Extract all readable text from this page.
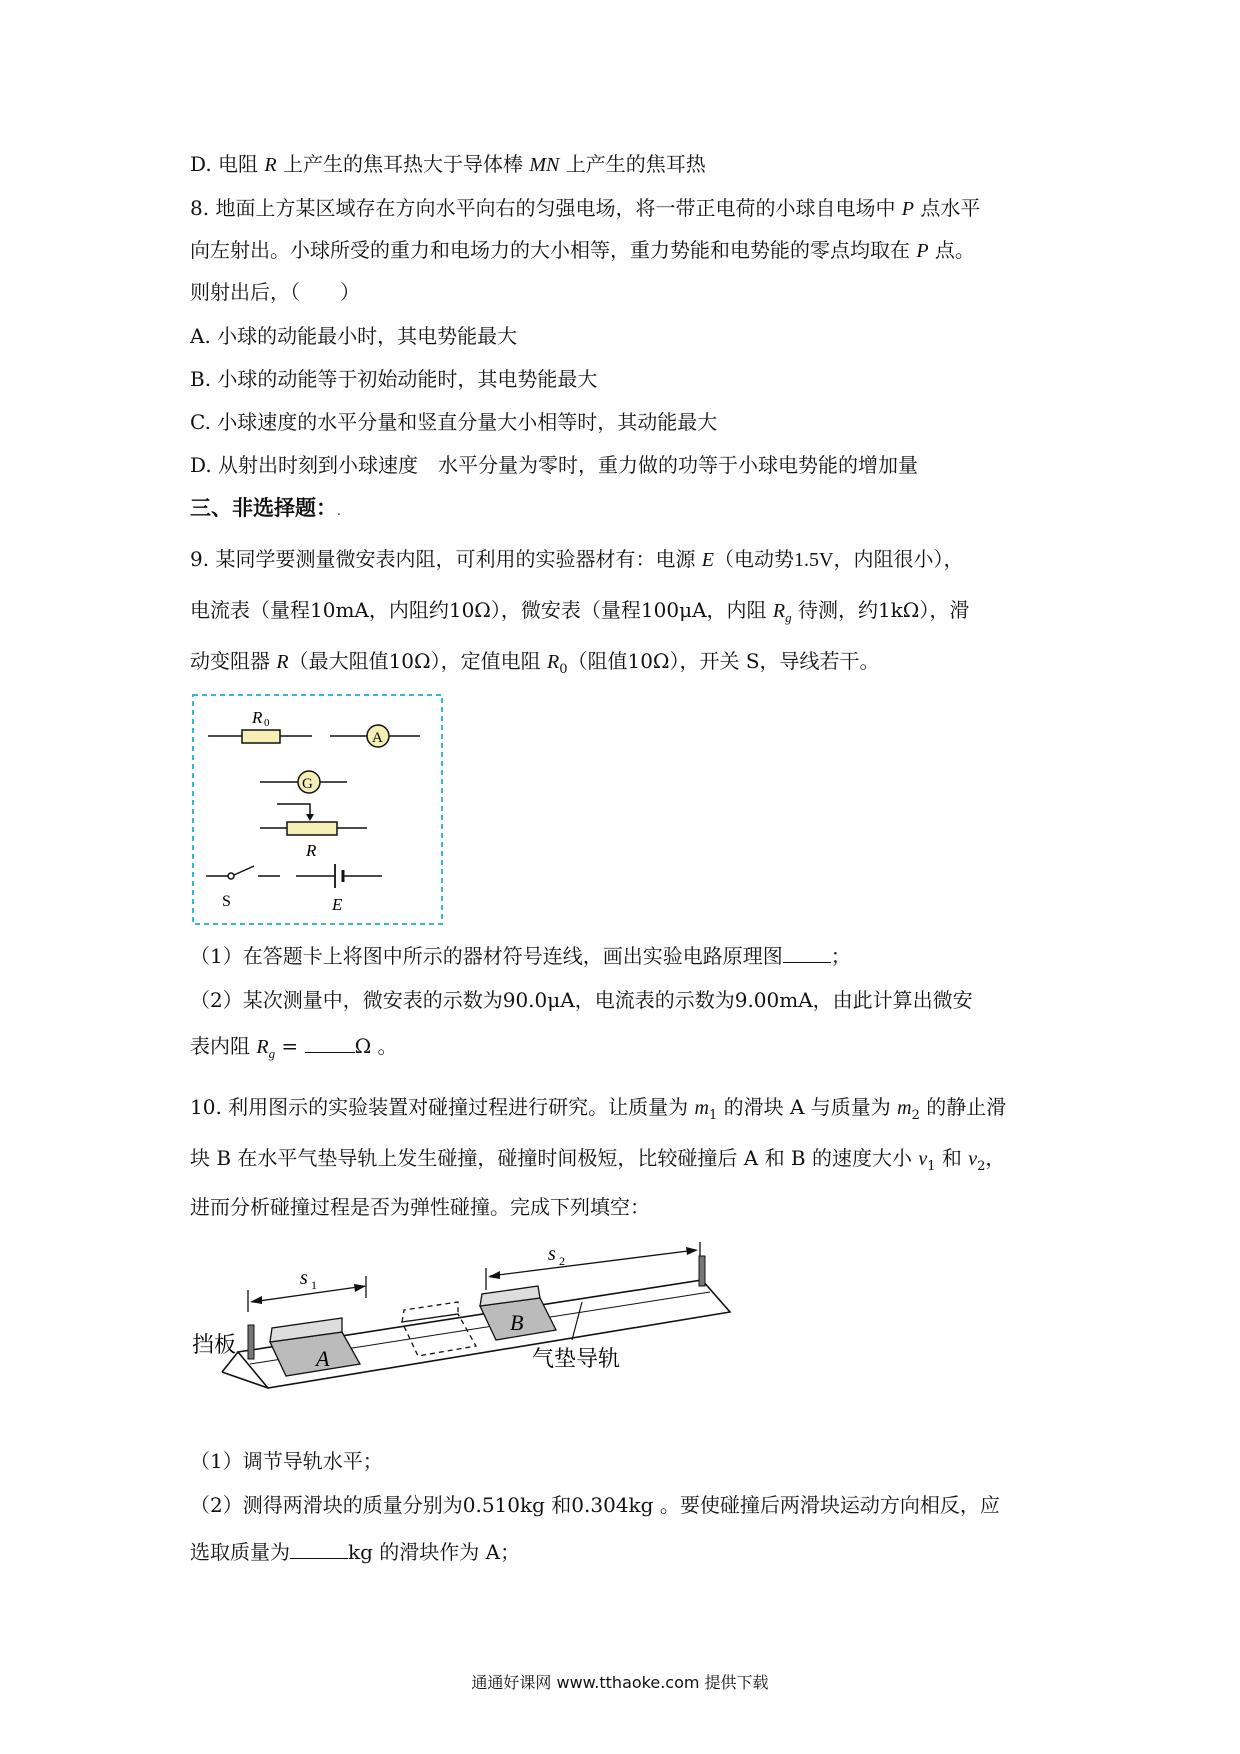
D. 电阻 R 上产生的焦耳热大于导体棒 MN 上产生的焦耳热
8. 地面上方某区域存在方向水平向右的匀强电场，将一带正电荷的小球自电场中 P 点水平
向左射出。小球所受的重力和电场力的大小相等，重力势能和电势能的零点均取在 P 点。
则射出后，（　　）
A. 小球的动能最小时，其电势能最大
B. 小球的动能等于初始动能时，其电势能最大
C. 小球速度的水平分量和竖直分量大小相等时，其动能最大
D. 从射出时刻到小球速度　水平分量为零时，重力做的功等于小球电势能的增加量
三、非选择题：.
9. 某同学要测量微安表内阻，可利用的实验器材有：电源 E（电动势1.5V，内阻很小），
电流表（量程10mA，内阻约10Ω），微安表（量程100μA，内阻 $R_g$ 待测，约1kΩ），滑
动变阻器 R（最大阻值10Ω），定值电阻 $R_0$（阻值10Ω），开关 S，导线若干。
R 0
A
G
R
S	E
（1）在答题卡上将图中所示的器材符号连线，画出实验电路原理图 ；
（2）某次测量中，微安表的示数为90.0μA，电流表的示数为9.00mA，由此计算出微安
表内阻 $R_g$ =	Ω 。
10. 利用图示的实验装置对碰撞过程进行研究。让质量为 $m_1$ 的滑块 A 与质量为 $m_2$ 的静止滑
块 B 在水平气垫导轨上发生碰撞，碰撞时间极短，比较碰撞后 A 和 B 的速度大小 $v_1$ 和 $v_2$，
进而分析碰撞过程是否为弹性碰撞。完成下列填空：
A
B
s 1
s 2
挡板
气垫导轨
（1）调节导轨水平；
（2）测得两滑块的质量分别为0.510kg 和0.304kg 。要使碰撞后两滑块运动方向相反，应
选取质量为	kg 的滑块作为 A；
通通好课网 www.tthaoke.com 提供下载
